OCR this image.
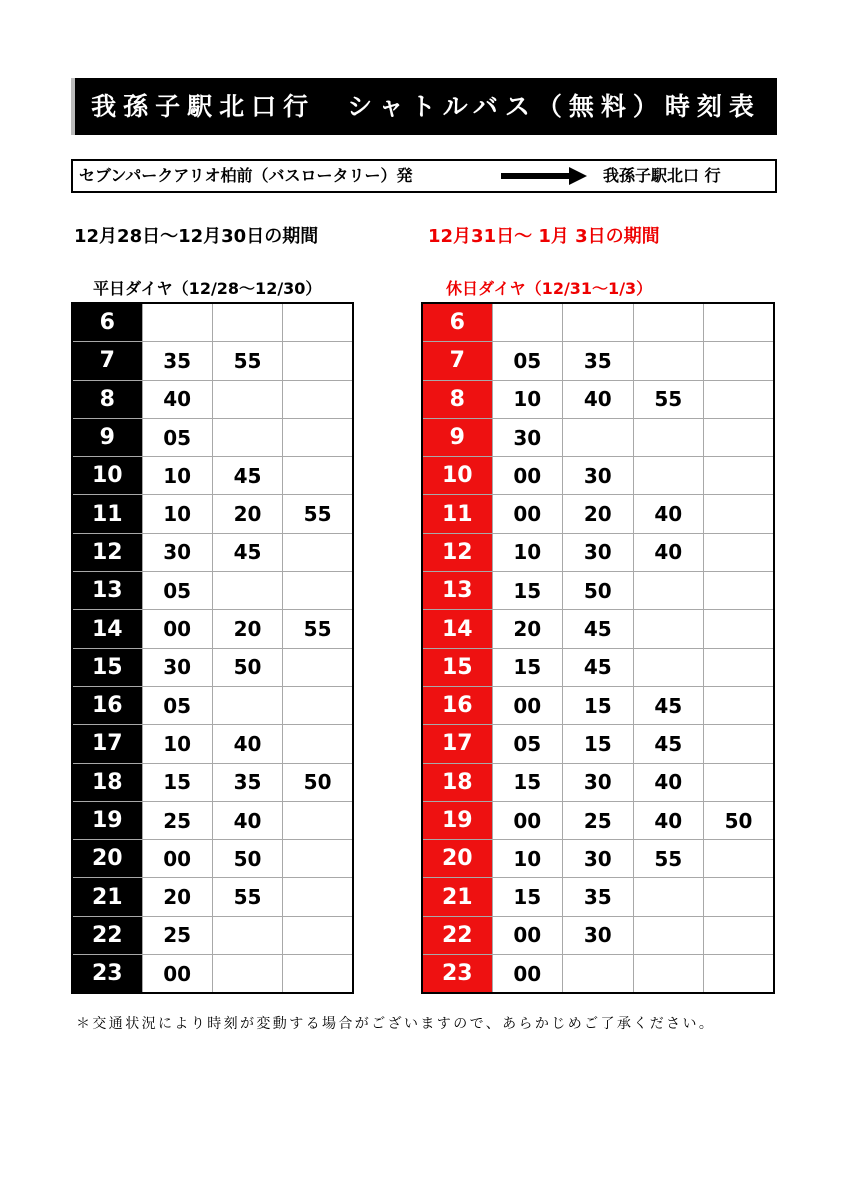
我孫子駅北口行　シャトルバス（無料）時刻表
セブンパークアリオ柏前（バスロータリー）発	我孫子駅北口 行
12月28日～12月30日の期間	12月31日～ 1月 3日の期間
平日ダイヤ（12/28～12/30）	休日ダイヤ（12/31～1/3）
6			
7	35	55	
8	40		
9	05		
10	10	45	
11	10	20	55
12	30	45	
13	05		
14	00	20	55
15	30	50	
16	05		
17	10	40	
18	15	35	50
19	25	40	
20	00	50	
21	20	55	
22	25		
23	00		
6				
7	05	35		
8	10	40	55	
9	30			
10	00	30		
11	00	20	40	
12	10	30	40	
13	15	50		
14	20	45		
15	15	45		
16	00	15	45	
17	05	15	45	
18	15	30	40	
19	00	25	40	50
20	10	30	55	
21	15	35		
22	00	30		
23	00			
＊交通状況により時刻が変動する場合がございますので、あらかじめご了承ください。
